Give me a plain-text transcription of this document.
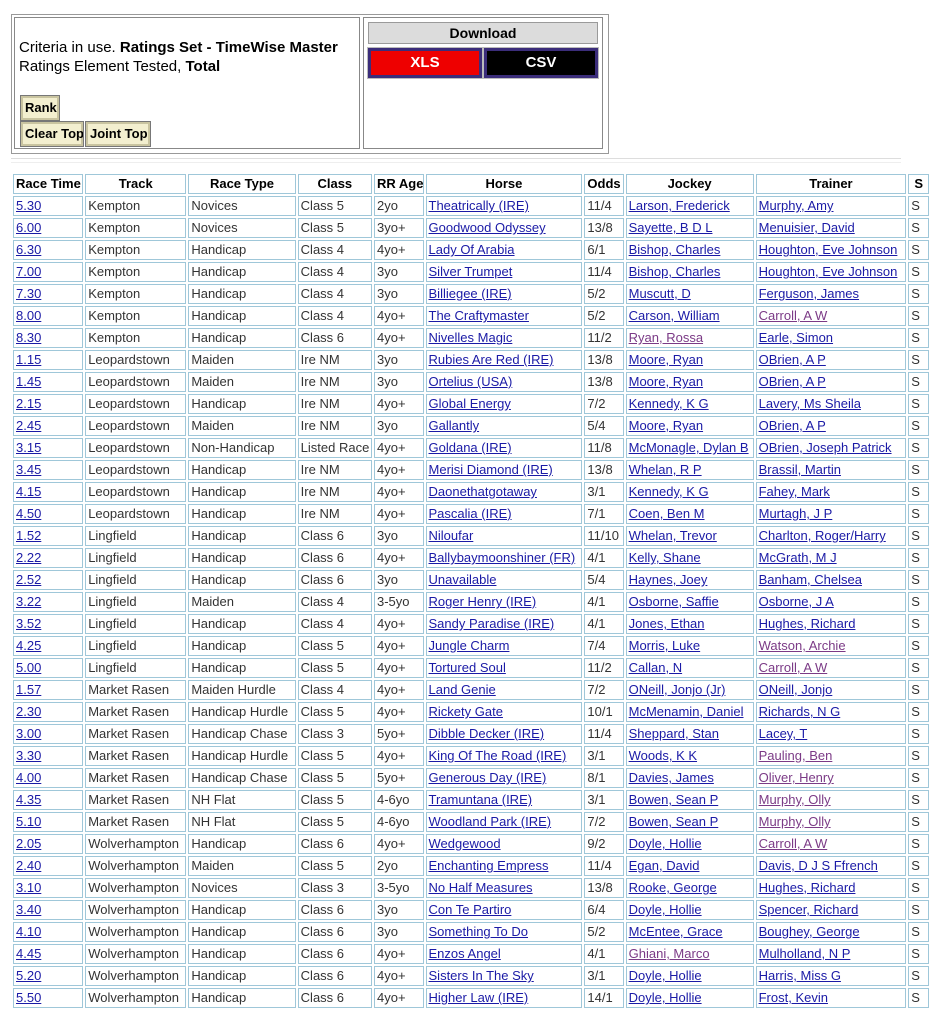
Criteria in use. Ratings Set - TimeWise Master
Ratings Element Tested, Total
Rank
Clear Top Joint Top
Download
XLS	CSV
Race Time	Track	Race Type	Class	RR Age	Horse	Odds	Jockey	Trainer	S
5.30	Kempton	Novices	Class 5	2yo	Theatrically (IRE)	11/4	Larson, Frederick	Murphy, Amy	S
6.00	Kempton	Novices	Class 5	3yo+	Goodwood Odyssey	13/8	Sayette, B D L	Menuisier, David	S
6.30	Kempton	Handicap	Class 4	4yo+	Lady Of Arabia	6/1	Bishop, Charles	Houghton, Eve Johnson	S
7.00	Kempton	Handicap	Class 4	3yo	Silver Trumpet	11/4	Bishop, Charles	Houghton, Eve Johnson	S
7.30	Kempton	Handicap	Class 4	3yo	Billiegee (IRE)	5/2	Muscutt, D	Ferguson, James	S
8.00	Kempton	Handicap	Class 4	4yo+	The Craftymaster	5/2	Carson, William	Carroll, A W	S
8.30	Kempton	Handicap	Class 6	4yo+	Nivelles Magic	11/2	Ryan, Rossa	Earle, Simon	S
1.15	Leopardstown	Maiden	Ire NM	3yo	Rubies Are Red (IRE)	13/8	Moore, Ryan	OBrien, A P	S
1.45	Leopardstown	Maiden	Ire NM	3yo	Ortelius (USA)	13/8	Moore, Ryan	OBrien, A P	S
2.15	Leopardstown	Handicap	Ire NM	4yo+	Global Energy	7/2	Kennedy, K G	Lavery, Ms Sheila	S
2.45	Leopardstown	Maiden	Ire NM	3yo	Gallantly	5/4	Moore, Ryan	OBrien, A P	S
3.15	Leopardstown	Non-Handicap	Listed Race	4yo+	Goldana (IRE)	11/8	McMonagle, Dylan B	OBrien, Joseph Patrick	S
3.45	Leopardstown	Handicap	Ire NM	4yo+	Merisi Diamond (IRE)	13/8	Whelan, R P	Brassil, Martin	S
4.15	Leopardstown	Handicap	Ire NM	4yo+	Daonethatgotaway	3/1	Kennedy, K G	Fahey, Mark	S
4.50	Leopardstown	Handicap	Ire NM	4yo+	Pascalia (IRE)	7/1	Coen, Ben M	Murtagh, J P	S
1.52	Lingfield	Handicap	Class 6	3yo	Niloufar	11/10	Whelan, Trevor	Charlton, Roger/Harry	S
2.22	Lingfield	Handicap	Class 6	4yo+	Ballybaymoonshiner (FR)	4/1	Kelly, Shane	McGrath, M J	S
2.52	Lingfield	Handicap	Class 6	3yo	Unavailable	5/4	Haynes, Joey	Banham, Chelsea	S
3.22	Lingfield	Maiden	Class 4	3-5yo	Roger Henry (IRE)	4/1	Osborne, Saffie	Osborne, J A	S
3.52	Lingfield	Handicap	Class 4	4yo+	Sandy Paradise (IRE)	4/1	Jones, Ethan	Hughes, Richard	S
4.25	Lingfield	Handicap	Class 5	4yo+	Jungle Charm	7/4	Morris, Luke	Watson, Archie	S
5.00	Lingfield	Handicap	Class 5	4yo+	Tortured Soul	11/2	Callan, N	Carroll, A W	S
1.57	Market Rasen	Maiden Hurdle	Class 4	4yo+	Land Genie	7/2	ONeill, Jonjo (Jr)	ONeill, Jonjo	S
2.30	Market Rasen	Handicap Hurdle	Class 5	4yo+	Rickety Gate	10/1	McMenamin, Daniel	Richards, N G	S
3.00	Market Rasen	Handicap Chase	Class 3	5yo+	Dibble Decker (IRE)	11/4	Sheppard, Stan	Lacey, T	S
3.30	Market Rasen	Handicap Hurdle	Class 5	4yo+	King Of The Road (IRE)	3/1	Woods, K K	Pauling, Ben	S
4.00	Market Rasen	Handicap Chase	Class 5	5yo+	Generous Day (IRE)	8/1	Davies, James	Oliver, Henry	S
4.35	Market Rasen	NH Flat	Class 5	4-6yo	Tramuntana (IRE)	3/1	Bowen, Sean P	Murphy, Olly	S
5.10	Market Rasen	NH Flat	Class 5	4-6yo	Woodland Park (IRE)	7/2	Bowen, Sean P	Murphy, Olly	S
2.05	Wolverhampton	Handicap	Class 6	4yo+	Wedgewood	9/2	Doyle, Hollie	Carroll, A W	S
2.40	Wolverhampton	Maiden	Class 5	2yo	Enchanting Empress	11/4	Egan, David	Davis, D J S Ffrench	S
3.10	Wolverhampton	Novices	Class 3	3-5yo	No Half Measures	13/8	Rooke, George	Hughes, Richard	S
3.40	Wolverhampton	Handicap	Class 6	3yo	Con Te Partiro	6/4	Doyle, Hollie	Spencer, Richard	S
4.10	Wolverhampton	Handicap	Class 6	3yo	Something To Do	5/2	McEntee, Grace	Boughey, George	S
4.45	Wolverhampton	Handicap	Class 6	4yo+	Enzos Angel	4/1	Ghiani, Marco	Mulholland, N P	S
5.20	Wolverhampton	Handicap	Class 6	4yo+	Sisters In The Sky	3/1	Doyle, Hollie	Harris, Miss G	S
5.50	Wolverhampton	Handicap	Class 6	4yo+	Higher Law (IRE)	14/1	Doyle, Hollie	Frost, Kevin	S
